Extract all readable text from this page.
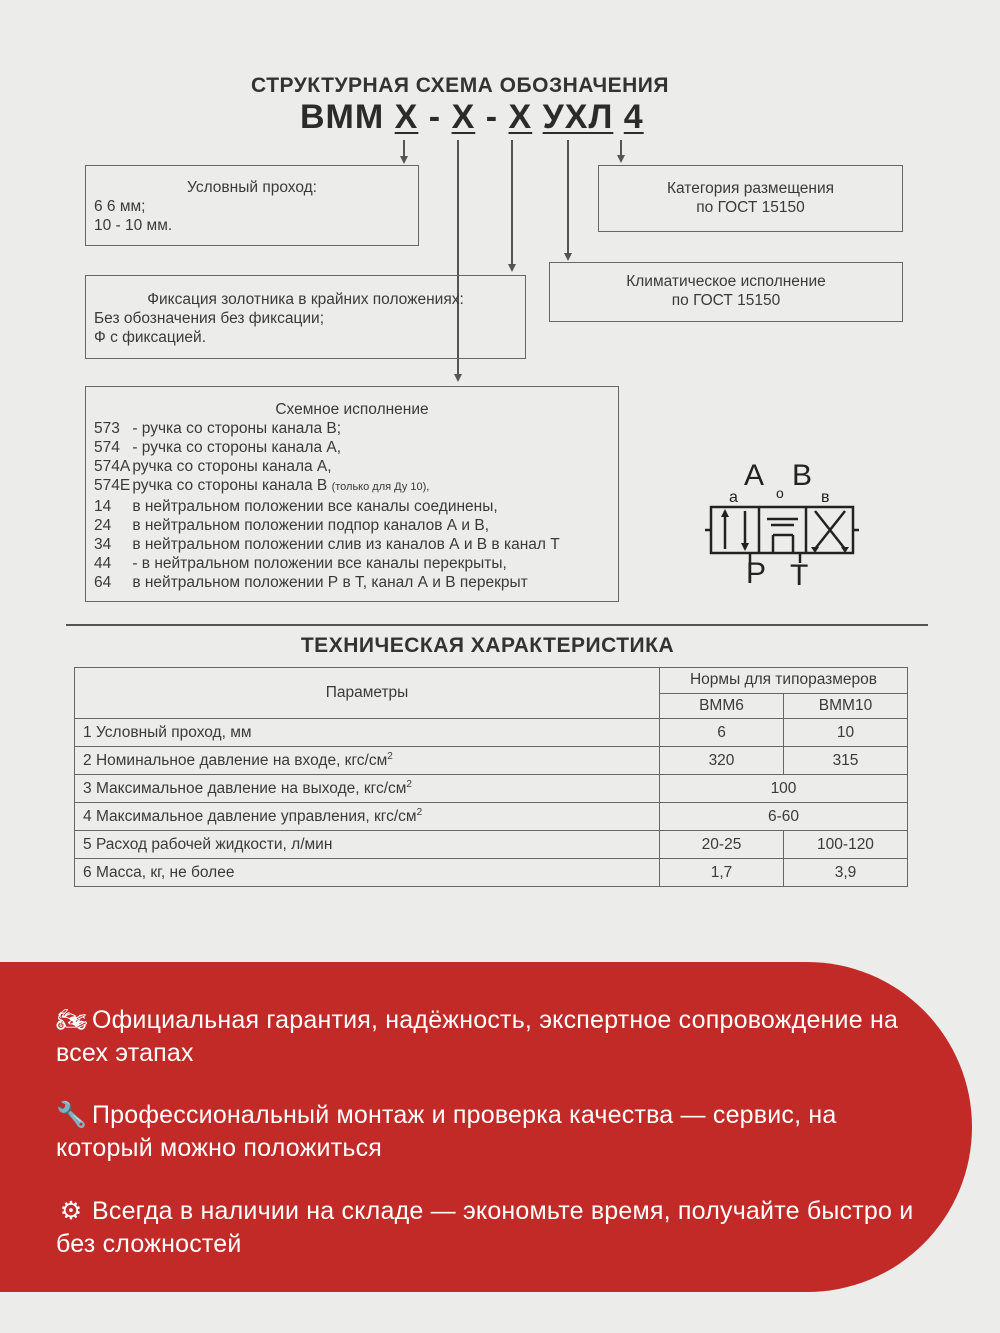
СТРУКТУРНАЯ СХЕМА ОБОЗНАЧЕНИЯ
ВММ Х - Х - Х УХЛ 4
Условный проход:
6 6 мм;
10 - 10 мм.
Категория размещения
по ГОСТ 15150
Фиксация золотника в крайних положениях:
Без обозначения без фиксации;
Ф с фиксацией.
Климатическое исполнение
по ГОСТ 15150
Схемное исполнение
573 - ручка со стороны канала В;
574 - ручка со стороны канала А,
574А ручка со стороны канала А,
574Е ручка со стороны канала В (только для Ду 10),
14 в нейтральном положении все каналы соединены,
24 в нейтральном положении подпор каналов А и В,
34 в нейтральном положении слив из каналов А и В в канал Т
44 - в нейтральном положении все каналы перекрыты,
64 в нейтральном положении Р в Т, канал А и В перекрыт
А В
а	о в
Р Т
ТЕХНИЧЕСКАЯ ХАРАКТЕРИСТИКА
Параметры	Нормы для типоразмеров	
	ВММ6	ВММ10
1 Условный проход, мм	6	10
2 Номинальное давление на входе, кгс/$см^2$	320	315
3 Максимальное давление на выходе, кгс/$см^2$	100	
4 Максимальное давление управления, кгс/$см^2$	6-60	
5 Расход рабочей жидкости, л/мин	20-25	100-120
6 Масса, кг, не более	1,7	3,9
🏍 Официальная гарантия, надёжность, экспертное сопровождение на всех этапах
🔧 Профессиональный монтаж и проверка качества — сервис, на который можно положиться
⚙ Всегда в наличии на складе — экономьте время, получайте быстро и без сложностей
